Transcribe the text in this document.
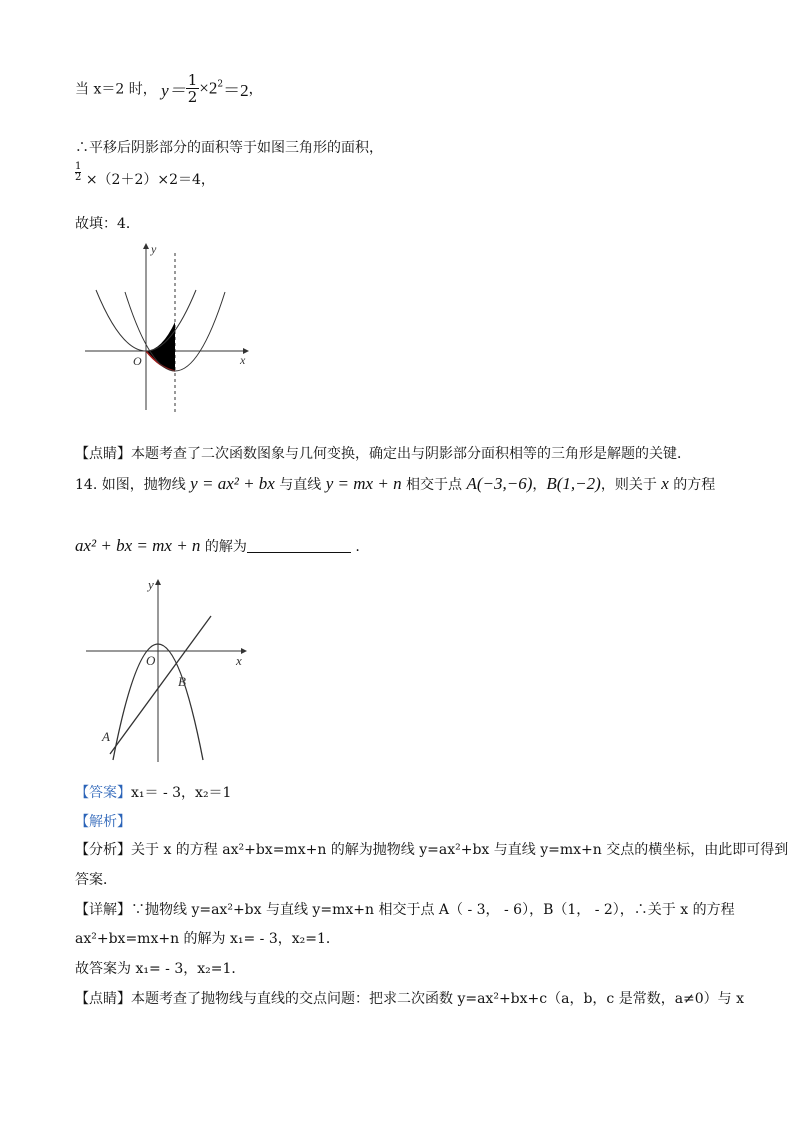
当 x＝2 时， $y= \frac{1}{2} \times 2^2=2$，
∴平移后阴影部分的面积等于如图三角形的面积，
$\frac{1}{2} \times(2+2)\times 2=4$，
故填：4．
y
x
O
【点睛】本题考查了二次函数图象与几何变换，确定出与阴影部分面积相等的三角形是解题的关键．
14. 如图，抛物线 y = ax² + bx 与直线 y = mx + n 相交于点 A(−3,−6)，B(1,−2)，则关于 x 的方程
ax² + bx = mx + n 的解为	.
y
x
O
B
A
【答案】x₁＝ - 3，x₂＝1
【解析】
【分析】关于 x 的方程 ax²+bx=mx+n 的解为抛物线 y=ax²+bx 与直线 y=mx+n 交点的横坐标，由此即可得到
答案．
【详解】∵抛物线 y=ax²+bx 与直线 y=mx+n 相交于点 A（ - 3， - 6），B（1， - 2），∴关于 x 的方程
ax²+bx=mx+n 的解为 x₁= - 3，x₂=1．
故答案为 x₁= - 3，x₂=1．
【点睛】本题考查了抛物线与直线的交点问题：把求二次函数 y=ax²+bx+c（a，b，c 是常数，a≠0）与 x
